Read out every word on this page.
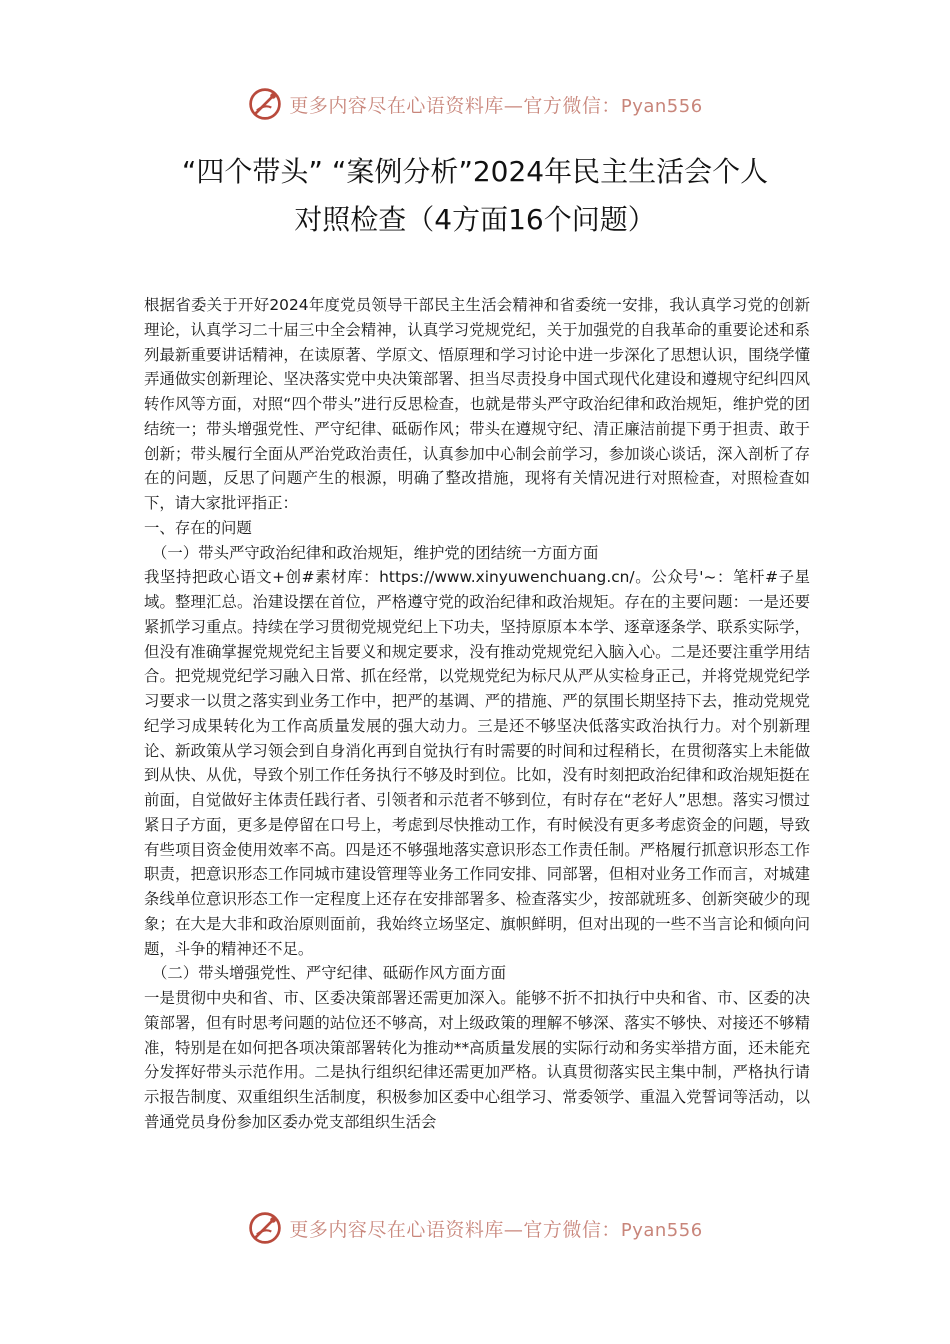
更多内容尽在心语资料库—官方微信：Pyan556
“四个带头” “案例分析”2024年民主生活会个人
对照检查（4方面16个问题）

根据省委关于开好2024年度党员领导干部民主生活会精神和省委统一安排，我认真学习党的创新理论，认真学习二十届三中全会精神，认真学习党规党纪，关于加强党的自我革命的重要论述和系列最新重要讲话精神，在读原著、学原文、悟原理和学习讨论中进一步深化了思想认识，围绕学懂弄通做实创新理论、坚决落实党中央决策部署、担当尽责投身中国式现代化建设和遵规守纪纠四风转作风等方面，对照“四个带头”进行反思检查，也就是带头严守政治纪律和政治规矩，维护党的团结统一；带头增强党性、严守纪律、砥砺作风；带头在遵规守纪、清正廉洁前提下勇于担责、敢于创新；带头履行全面从严治党政治责任，认真参加中心制会前学习，参加谈心谈话，深入剖析了存在的问题，反思了问题产生的根源，明确了整改措施，现将有关情况进行对照检查，对照检查如下，请大家批评指正：

一、存在的问题

（一）带头严守政治纪律和政治规矩，维护党的团结统一方面方面

我坚持把政心语文+创#素材库：https://www.xinyuwenchuang.cn/。公众号'~：笔杆#子星域。整理汇总。治建设摆在首位，严格遵守党的政治纪律和政治规矩。存在的主要问题：一是还要紧抓学习重点。持续在学习贯彻党规党纪上下功夫，坚持原原本本学、逐章逐条学、联系实际学，但没有准确掌握党规党纪主旨要义和规定要求，没有推动党规党纪入脑入心。二是还要注重学用结合。把党规党纪学习融入日常、抓在经常，以党规党纪为标尺从严从实检身正己，并将党规党纪学习要求一以贯之落实到业务工作中，把严的基调、严的措施、严的氛围长期坚持下去，推动党规党纪学习成果转化为工作高质量发展的强大动力。三是还不够坚决低落实政治执行力。对个别新理论、新政策从学习领会到自身消化再到自觉执行有时需要的时间和过程稍长，在贯彻落实上未能做到从快、从优，导致个别工作任务执行不够及时到位。比如，没有时刻把政治纪律和政治规矩挺在前面，自觉做好主体责任践行者、引领者和示范者不够到位，有时存在“老好人”思想。落实习惯过紧日子方面，更多是停留在口号上，考虑到尽快推动工作，有时候没有更多考虑资金的问题，导致有些项目资金使用效率不高。四是还不够强地落实意识形态工作责任制。严格履行抓意识形态工作职责，把意识形态工作同城市建设管理等业务工作同安排、同部署，但相对业务工作而言，对城建条线单位意识形态工作一定程度上还存在安排部署多、检查落实少，按部就班多、创新突破少的现象；在大是大非和政治原则面前，我始终立场坚定、旗帜鲜明，但对出现的一些不当言论和倾向问题，斗争的精神还不足。

（二）带头增强党性、严守纪律、砥砺作风方面方面

一是贯彻中央和省、市、区委决策部署还需更加深入。能够不折不扣执行中央和省、市、区委的决策部署，但有时思考问题的站位还不够高，对上级政策的理解不够深、落实不够快、对接还不够精准，特别是在如何把各项决策部署转化为推动**高质量发展的实际行动和务实举措方面，还未能充分发挥好带头示范作用。二是执行组织纪律还需更加严格。认真贯彻落实民主集中制，严格执行请示报告制度、双重组织生活制度，积极参加区委中心组学习、常委领学、重温入党誓词等活动，以普通党员身份参加区委办党支部组织生活会

更多内容尽在心语资料库—官方微信：Pyan556
